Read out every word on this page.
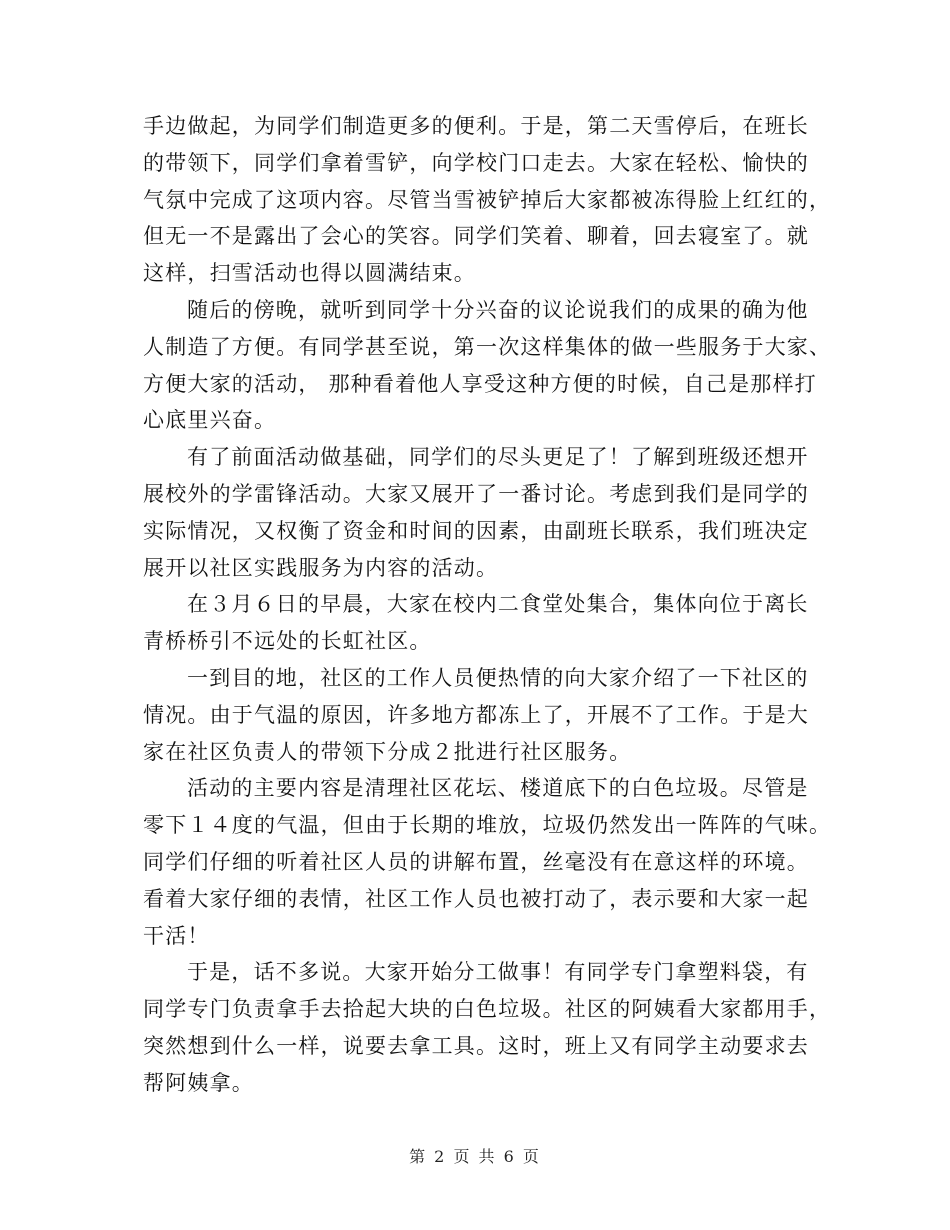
手边做起，为同学们制造更多的便利。于是，第二天雪停后，在班长
的带领下，同学们拿着雪铲，向学校门口走去。大家在轻松、愉快的
气氛中完成了这项内容。尽管当雪被铲掉后大家都被冻得脸上红红的，
但无一不是露出了会心的笑容。同学们笑着、聊着，回去寝室了。就
这样，扫雪活动也得以圆满结束。
随后的傍晚，就听到同学十分兴奋的议论说我们的成果的确为他
人制造了方便。有同学甚至说，第一次这样集体的做一些服务于大家、
方便大家的活动， 那种看着他人享受这种方便的时候，自己是那样打
心底里兴奋。
有了前面活动做基础，同学们的尽头更足了！了解到班级还想开
展校外的学雷锋活动。大家又展开了一番讨论。考虑到我们是同学的
实际情况，又权衡了资金和时间的因素，由副班长联系，我们班决定
展开以社区实践服务为内容的活动。
在３月６日的早晨，大家在校内二食堂处集合，集体向位于离长
青桥桥引不远处的长虹社区。
一到目的地，社区的工作人员便热情的向大家介绍了一下社区的
情况。由于气温的原因，许多地方都冻上了，开展不了工作。于是大
家在社区负责人的带领下分成２批进行社区服务。
活动的主要内容是清理社区花坛、楼道底下的白色垃圾。尽管是
零下１４度的气温，但由于长期的堆放，垃圾仍然发出一阵阵的气味。
同学们仔细的听着社区人员的讲解布置，丝毫没有在意这样的环境。
看着大家仔细的表情，社区工作人员也被打动了，表示要和大家一起
干活！
于是，话不多说。大家开始分工做事！有同学专门拿塑料袋，有
同学专门负责拿手去拾起大块的白色垃圾。社区的阿姨看大家都用手，
突然想到什么一样，说要去拿工具。这时，班上又有同学主动要求去
帮阿姨拿。
第 2 页 共 6 页
